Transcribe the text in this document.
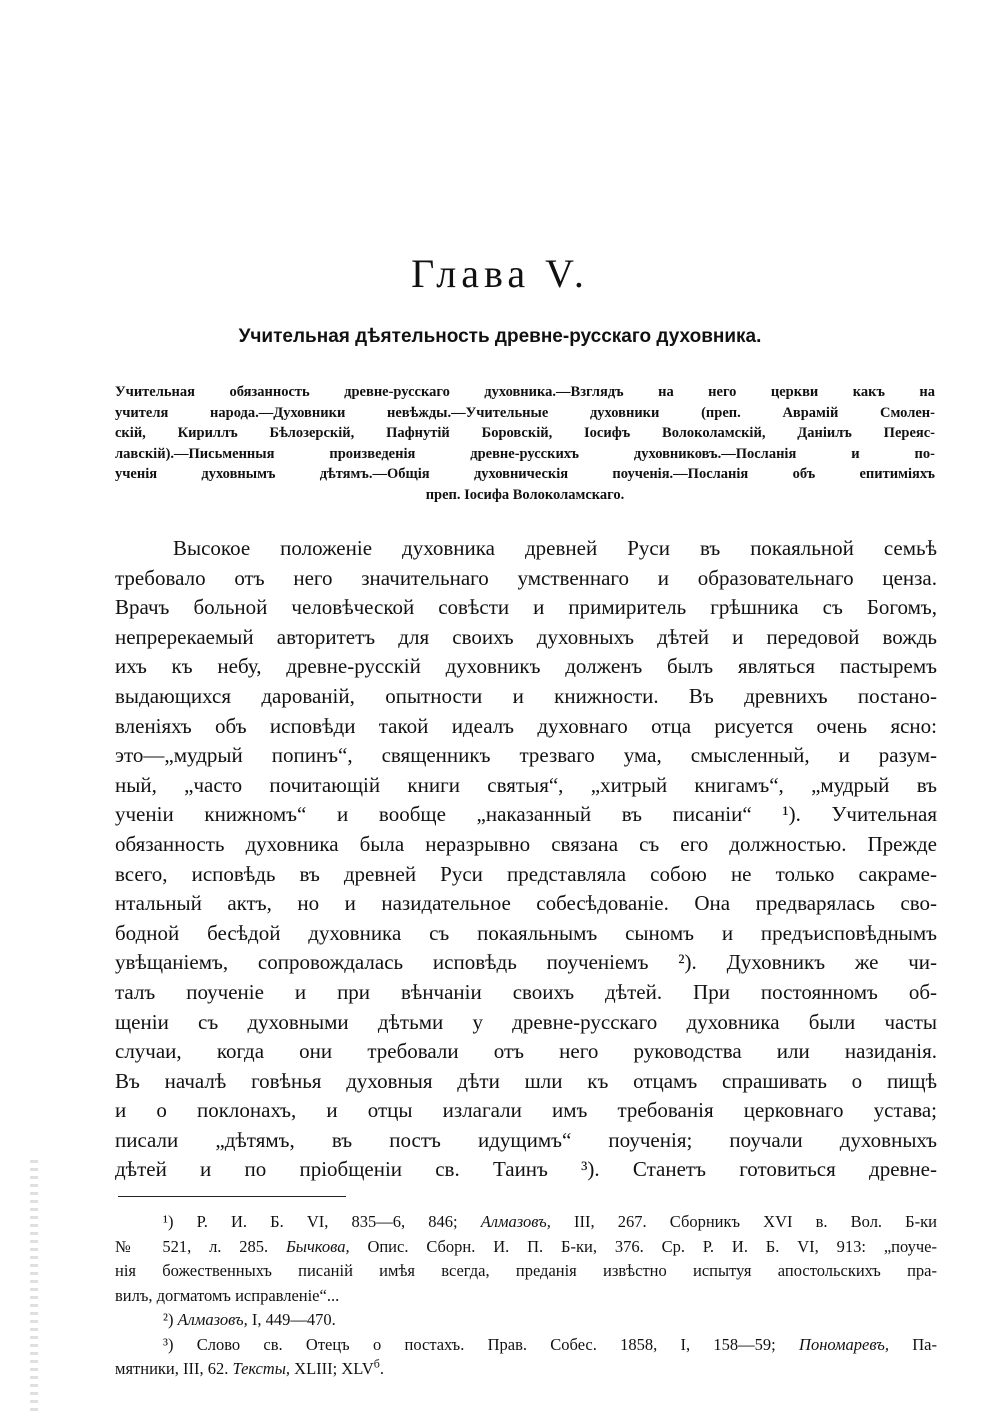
Глава V.
Учительная дѣятельность древне-русскаго духовника.

Учительная обязанность древне-русскаго духовника.—Взглядъ на него церкви какъ на
учителя народа.—Духовники невѣжды.—Учительные духовники (преп. Аврамій Смолен-
скій, Кириллъ Бѣлозерскій, Пафнутій Боровскій, Іосифъ Волоколамскій, Даніилъ Переяс-
лавскій).—Письменныя произведенія древне-русскихъ духовниковъ.—Посланія и по-
ученія духовнымъ дѣтямъ.—Общія духовническія поученія.—Посланія объ епитиміяхъ
преп. Іосифа Волоколамскаго.

Высокое положеніе духовника древней Руси въ покаяльной семьѣ
требовало отъ него значительнаго умственнаго и образовательнаго ценза.
Врачъ больной человѣческой совѣсти и примиритель грѣшника съ Богомъ,
непререкаемый авторитетъ для своихъ духовныхъ дѣтей и передовой вождь
ихъ къ небу, древне-русскій духовникъ долженъ былъ являться пастыремъ
выдающихся дарованій, опытности и книжности. Въ древнихъ постано-
вленіяхъ объ исповѣди такой идеалъ духовнаго отца рисуется очень ясно:
это—„мудрый попинъ“, священникъ трезваго ума, смысленный, и разум-
ный, „часто почитающій книги святыя“, „хитрый книгамъ“, „мудрый въ
ученіи книжномъ“ и вообще „наказанный въ писаніи“ ¹). Учительная
обязанность духовника была неразрывно связана съ его должностью. Прежде
всего, исповѣдь въ древней Руси представляла собою не только сакраме-
нтальный актъ, но и назидательное собесѣдованіе. Она предварялась сво-
бодной бесѣдой духовника съ покаяльнымъ сыномъ и предъисповѣднымъ
увѣщаніемъ, сопровождалась исповѣдь поученіемъ ²). Духовникъ же чи-
талъ поученіе и при вѣнчаніи своихъ дѣтей. При постоянномъ об-
щеніи съ духовными дѣтьми у древне-русскаго духовника были часты
случаи, когда они требовали отъ него руководства или назиданія.
Въ началѣ говѣнья духовныя дѣти шли къ отцамъ спрашивать о пищѣ
и о поклонахъ, и отцы излагали имъ требованія церковнаго устава;
писали „дѣтямъ, въ постъ идущимъ“ поученія; поучали духовныхъ
дѣтей и по пріобщеніи св. Таинъ ³). Станетъ готовиться древне-

¹) Р. И. Б. VI, 835—6, 846; Алмазовъ, III, 267. Сборникъ XVI в. Вол. Б-ки
№ 521, л. 285. Бычкова, Опис. Сборн. И. П. Б-ки, 376. Ср. Р. И. Б. VI, 913: „поуче-
нія божественныхъ писаній имѣя всегда, преданія извѣстно испытуя апостольскихъ пра-
вилъ, догматомъ исправленіе“...
²) Алмазовъ, I, 449—470.
³) Слово св. Отецъ о постахъ. Прав. Собес. 1858, I, 158—59; Пономаревъ, Па-
мятники, III, 62. Тексты, XLIII; $XLV^б$.
